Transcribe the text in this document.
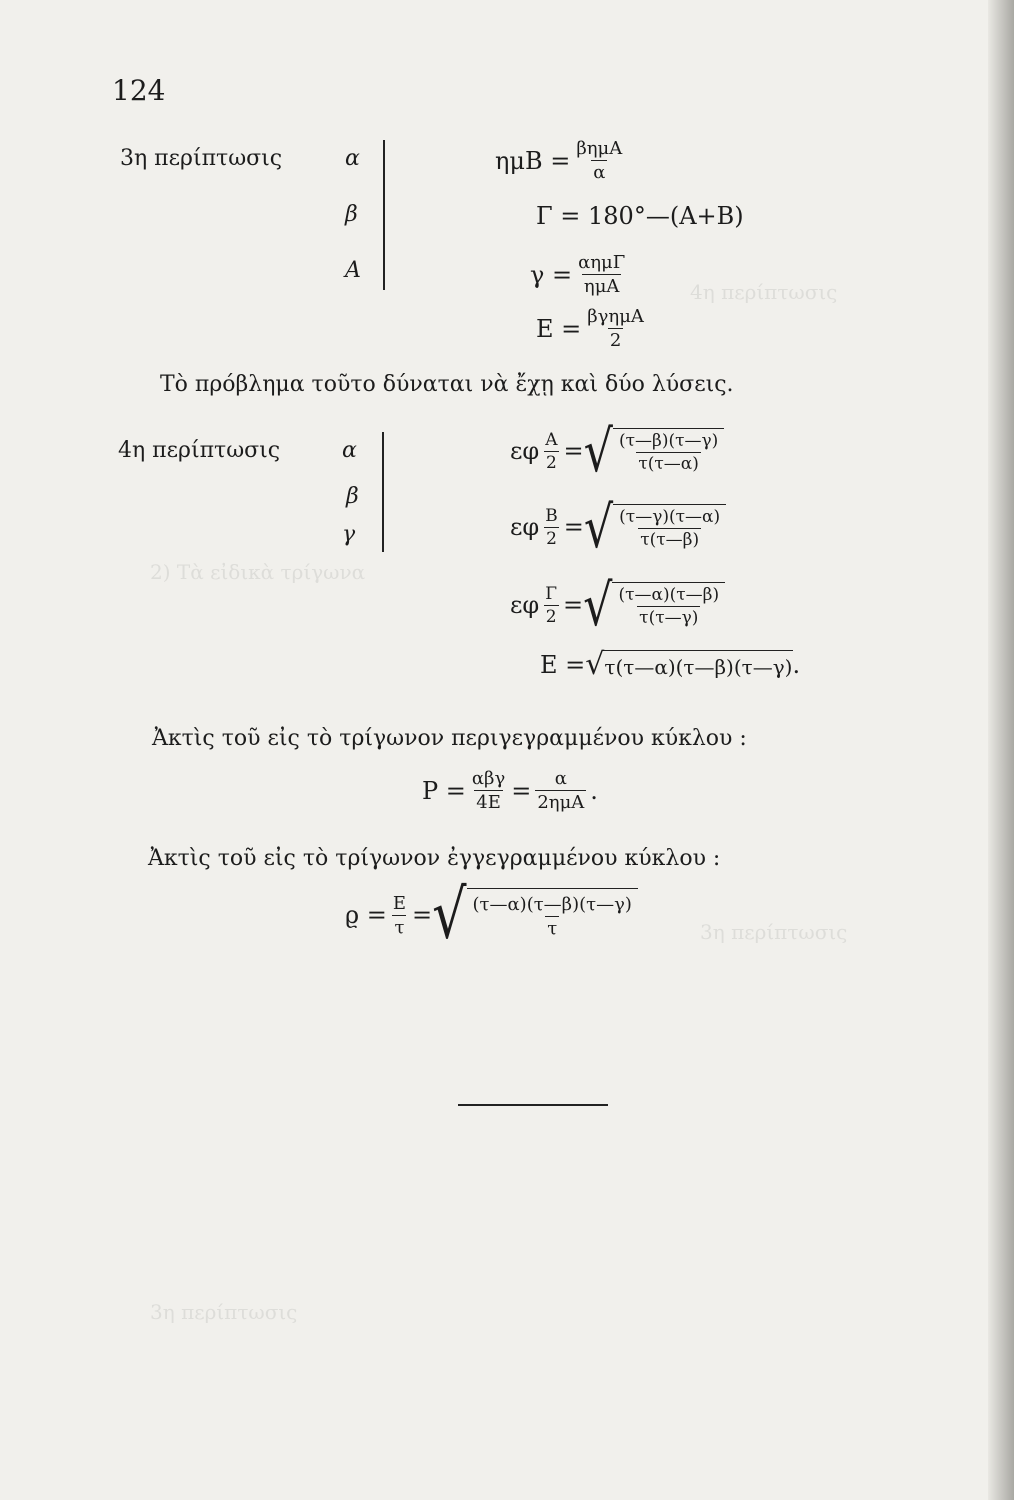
4η περίπτωσις
2) Τὰ εἰδικὰ τρίγωνα
3η περίπτωσις
3η περίπτωσις
124
3η περίπτωσις	α
β
Α
$\eta\mu B = \frac{\text{βημΑ}}{\alpha}$
Γ = 180°—(Α+Β)
$\gamma = \frac{\text{αημΓ}}{\text{ημΑ}}$
$E = \frac{\text{βγημΑ}}{2}$
Τὸ πρόβλημα τοῦτο δύναται νὰ ἔχῃ καὶ δύο λύσεις.
4η περίπτωσις	α
β
γ
εφ $\frac{A}{2}$ = √ $\frac{(\tau—\beta)(\tau—\gamma)}{\tau(\tau—\alpha)}$
εφ $\frac{B}{2}$ = √ $\frac{(\tau—\gamma)(\tau—\alpha)}{\tau(\tau—\beta)}$
εφ $\frac{\Gamma}{2}$ = √ $\frac{(\tau—\alpha)(\tau—\beta)}{\tau(\tau—\gamma)}$
Ε = √ τ(τ—α)(τ—β)(τ—γ) .
Ἀκτὶς τοῦ εἰς τὸ τρίγωνον περιγεγραμμένου κύκλου :
$P = \frac{\text{αβγ}}{4E} = \frac{\alpha}{\text{2ημΑ}}$ .
Ἀκτὶς τοῦ εἰς τὸ τρίγωνον ἐγγεγραμμένου κύκλου :
$ϱ = \frac{E}{\tau}$ = √ $\frac{(\tau—\alpha)(\tau—\beta)(\tau—\gamma)}{\tau}$
